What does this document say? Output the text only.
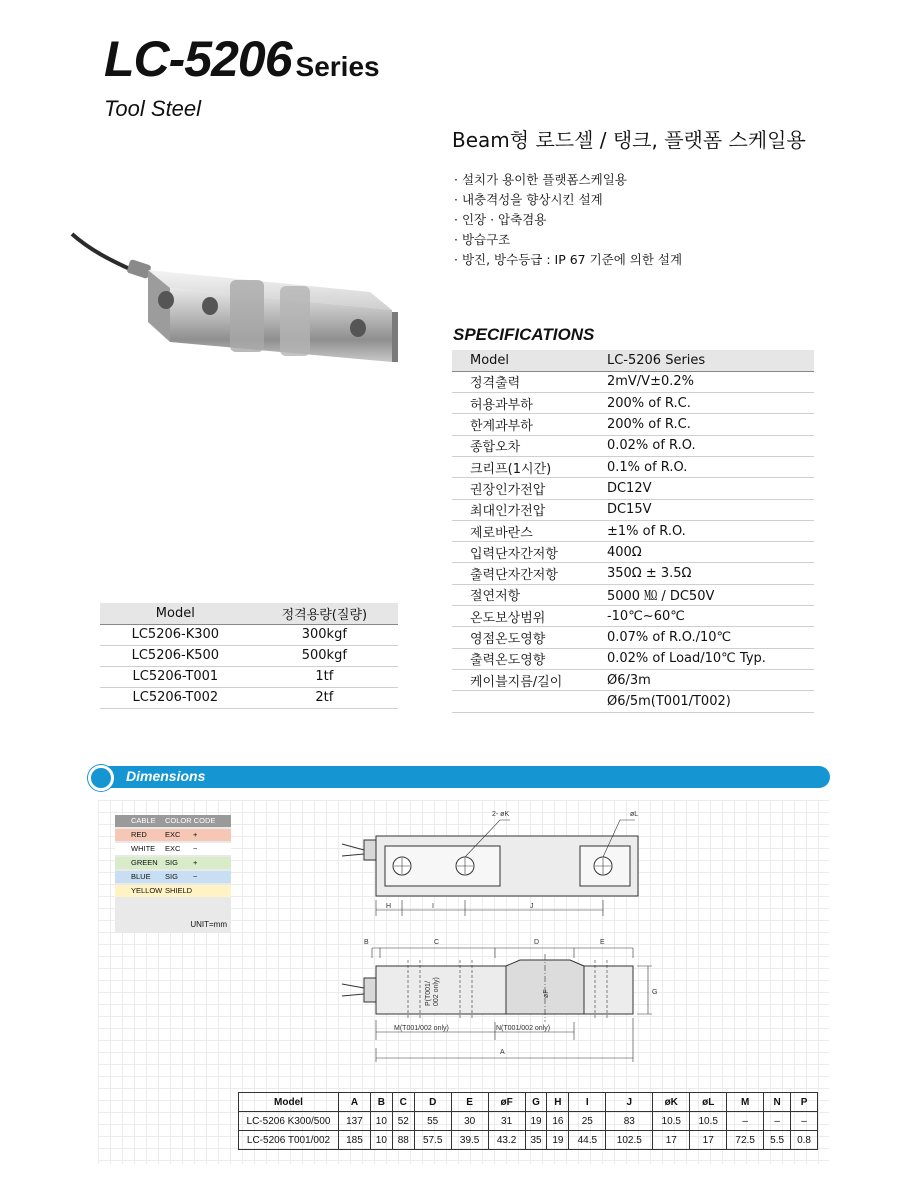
LC-5206 Series
Tool Steel
Beam형 로드셀 / 탱크, 플랫폼 스케일용
· 설치가 용이한 플랫폼스케일용
· 내충격성을 향상시킨 설계
· 인장 · 압축겸용
· 방습구조
· 방진, 방수등급 : IP 67 기준에 의한 설계
SPECIFICATIONS
Model	LC-5206 Series
정격출력	2mV/V±0.2%
허용과부하	200% of R.C.
한계과부하	200% of R.C.
종합오차	0.02% of R.O.
크리프(1시간)	0.1% of R.O.
권장인가전압	DC12V
최대인가전압	DC15V
제로바란스	±1% of R.O.
입력단자간저항	400Ω
출력단자간저항	350Ω ± 3.5Ω
절연저항	5000 ㏁ / DC50V
온도보상범위	-10℃~60℃
영점온도영향	0.07% of R.O./10℃
출력온도영향	0.02% of Load/10℃ Typ.
케이블지름/길이	Ø6/3m
	Ø6/5m(T001/T002)
Model	정격용량(질량)
LC5206-K300	300kgf
LC5206-K500	500kgf
LC5206-T001	1tf
LC5206-T002	2tf
Dimensions
CABLE COLOR CODE
RED EXC +
WHITE EXC −
GREEN SIG +
BLUE SIG −
YELLOW SHIELD
UNIT=mm
2- øK	øL
H	I	J
B	C	D	E
G
øF
P(T001/ 002 only)
M(T001/002 only)	N(T001/002 only)
A
Model	A	B	C	D	E	øF	G	H	I	J	øK	øL	M	N	P
LC-5206 K300/500	137	10	52	55	30	31	19	16	25	83	10.5	10.5	–	–	–
LC-5206 T001/002	185	10	88	57.5	39.5	43.2	35	19	44.5	102.5	17	17	72.5	5.5	0.8
